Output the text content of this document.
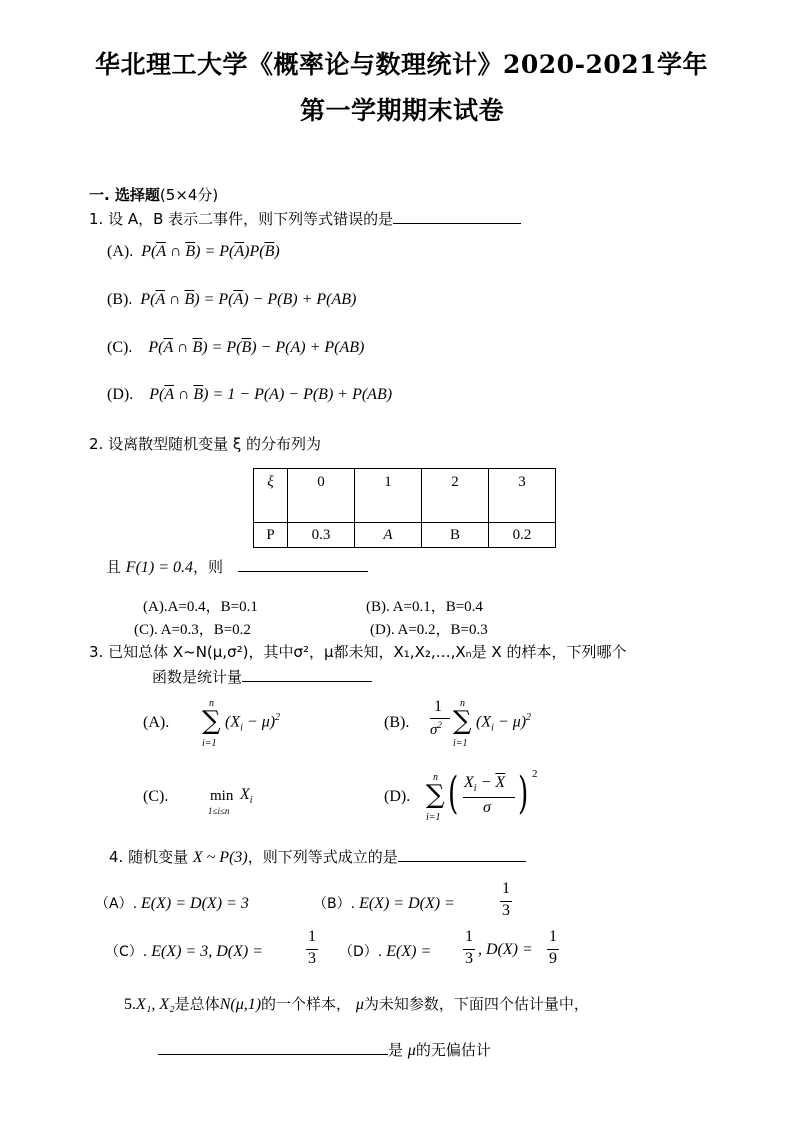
华北理工大学《概率论与数理统计》2020-2021学年
第一学期期末试卷
一. 选择题(5×4分)
1. 设 A，B 表示二事件，则下列等式错误的是
(A). $P(\overline{A}$ ∩ $\overline{B}) = P(\overline{A})P(\overline{B})$
(B). $P(\overline{A}$ ∩ $\overline{B}) = P(\overline{A}) - P(B) + P(AB)$
(C). $P(\overline{A}$ ∩ $\overline{B}) = P(\overline{B}) - P(A) + P(AB)$
(D). $P(\overline{A}$ ∩ $\overline{B}) = 1 - P(A) - P(B) + P(AB)$
2. 设离散型随机变量 ξ 的分布列为
ξ	0	1	2	3
P	0.3	A	B	0.2
且 F(1) = 0.4，则
(A).A=0.4，B=0.1	(B). A=0.1，B=0.4
(C). A=0.3，B=0.2	(D). A=0.2，B=0.3
3. 已知总体 X~N(μ,σ²)，其中σ²，μ都未知，X₁,X₂,…,Xₙ是 X 的样本，下列哪个
函数是统计量
(A).
n
∑
i=1
$(X_i - \mu)^2$	(B).
1
$\sigma^2$
n
∑
i=1
$(X_i - \mu)^2$
(C).	$\min X_i$
1≤i≤n
(D).
n
∑
i=1 ( $X_i - \overline{X}$
σ ) 2
4. 随机变量 X ~ P(3)，则下列等式成立的是
（A）. E(X) = D(X) = 3	（B）. E(X) = D(X) =
1
3
（C）. E(X) = 3, D(X) =
1
3 （D）. E(X) =
1
3
, D(X) =
1
9
5.X₁, X₂是总体N(μ,1)的一个样本， μ为未知参数，下面四个估计量中，
是 μ的无偏估计
